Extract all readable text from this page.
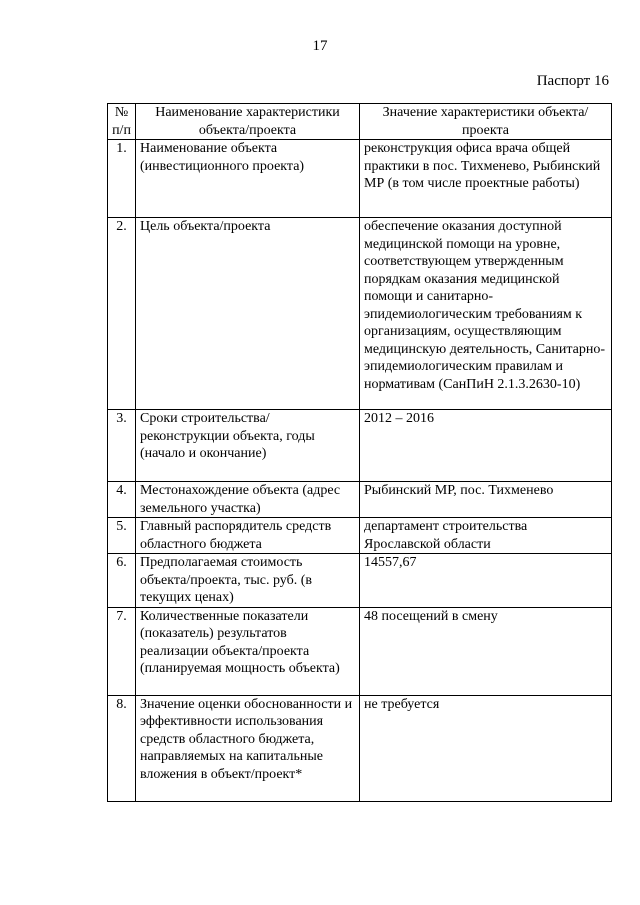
17
Паспорт 16
№ п/п	Наименование характеристики объекта/проекта	Значение характеристики объекта/проекта
1.	Наименование объекта (инвестиционного проекта)	реконструкция офиса врача общей практики в пос. Тихменево, Рыбинский МР (в том числе проектные работы)
2.	Цель объекта/проекта	обеспечение оказания доступной медицинской помощи на уровне, соответствующем утвержденным порядкам оказания медицинской помощи и санитарно-эпидемиологическим требованиям к организациям, осуществляющим медицинскую деятельность, Санитарно-эпидемиологическим правилам и нормативам (СанПиН 2.1.3.2630-10)
3.	Сроки строительства/реконструкции объекта, годы (начало и окончание)	2012 – 2016
4.	Местонахождение объекта (адрес земельного участка)	Рыбинский МР, пос. Тихменево
5.	Главный распорядитель средств областного бюджета	департамент строительства Ярославской области
6.	Предполагаемая стоимость объекта/проекта, тыс. руб. (в текущих ценах)	14557,67
7.	Количественные показатели (показатель) результатов реализации объекта/проекта (планируемая мощность объекта)	48 посещений в смену
8.	Значение оценки обоснованности и эффективности использования средств областного бюджета, направляемых на капитальные вложения в объект/проект*	не требуется
